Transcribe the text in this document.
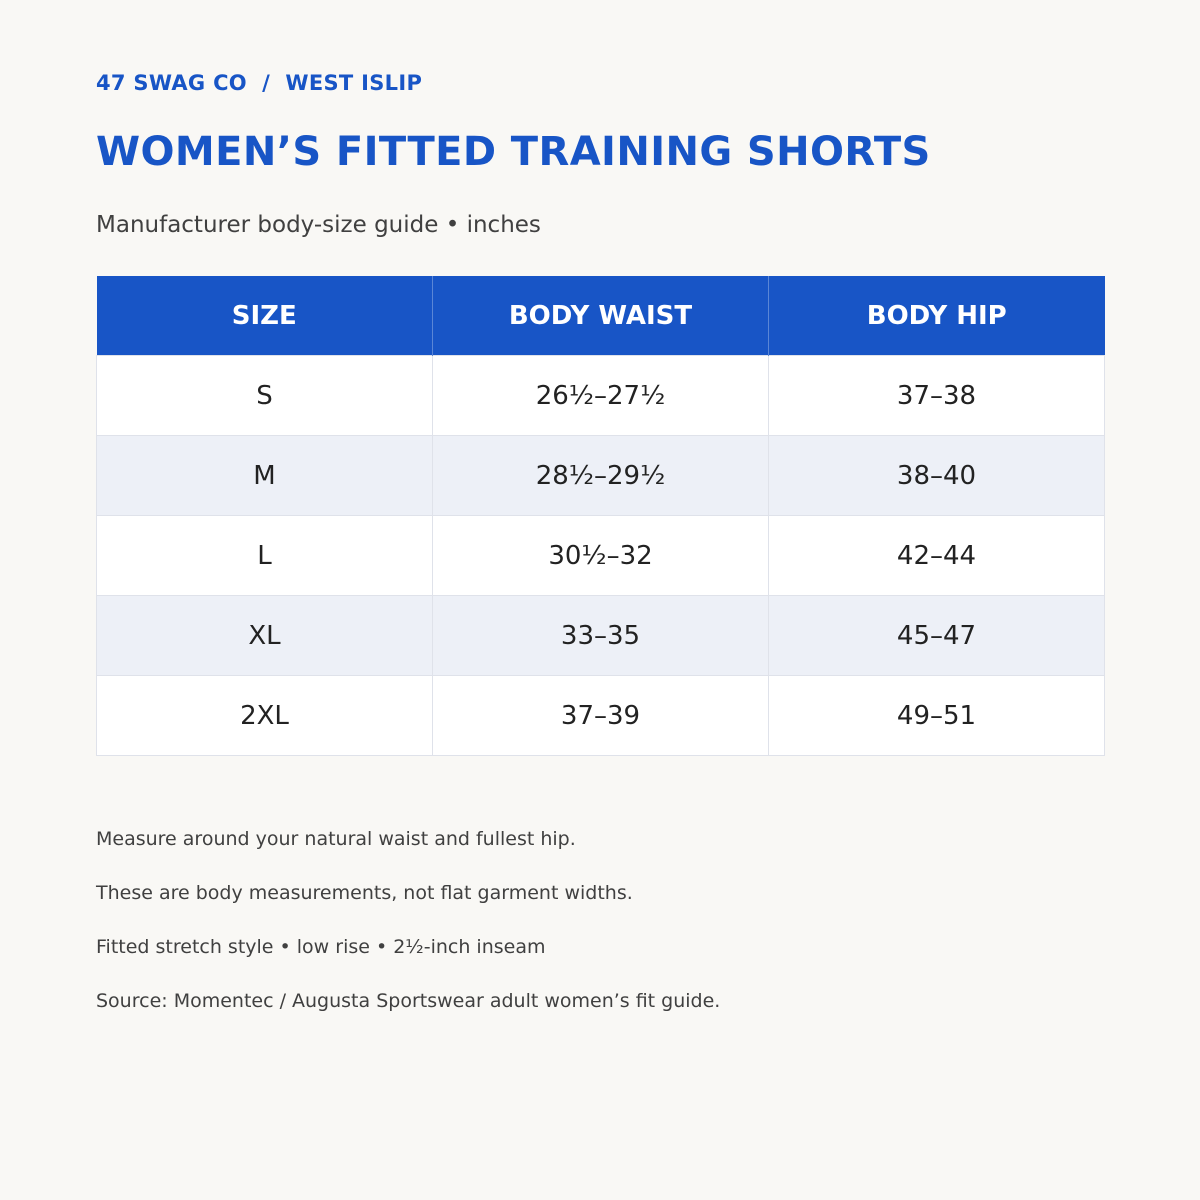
47 SWAG CO  /  WEST ISLIP
WOMEN’S FITTED TRAINING SHORTS
Manufacturer body-size guide • inches
SIZE	BODY WAIST	BODY HIP
S	26½–27½	37–38
M	28½–29½	38–40
L	30½–32	42–44
XL	33–35	45–47
2XL	37–39	49–51
Measure around your natural waist and fullest hip.
These are body measurements, not flat garment widths.
Fitted stretch style • low rise • 2½-inch inseam
Source: Momentec / Augusta Sportswear adult women’s fit guide.
